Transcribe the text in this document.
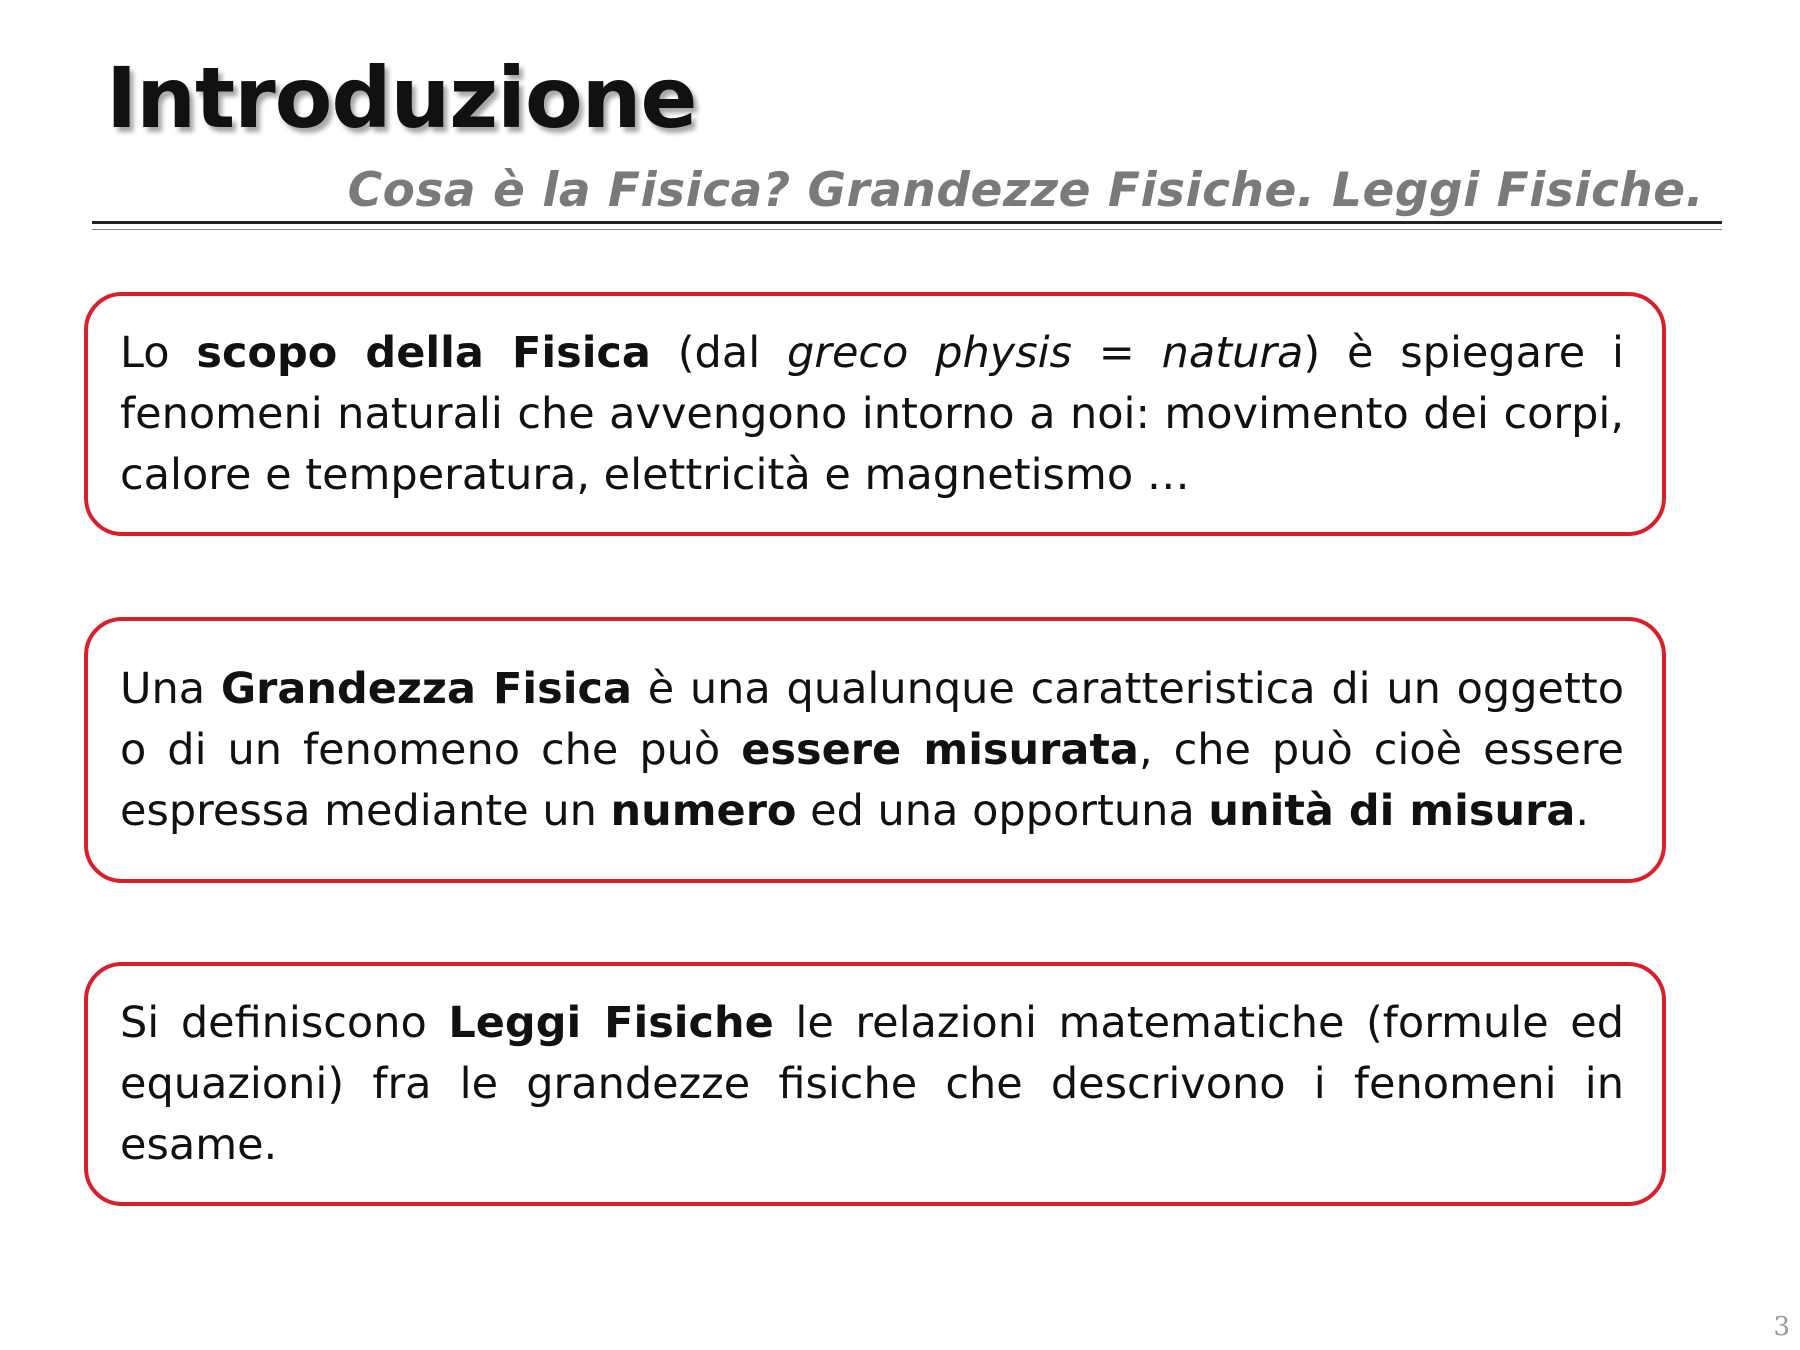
Introduzione

Cosa è la Fisica? Grandezze Fisiche. Leggi Fisiche.

Lo scopo della Fisica (dal greco physis = natura) è spiegare i fenomeni naturali che avvengono intorno a noi: movimento dei corpi, calore e temperatura, elettricità e magnetismo …

Una Grandezza Fisica è una qualunque caratteristica di un oggetto o di un fenomeno che può essere misurata, che può cioè essere espressa mediante un numero ed una opportuna unità di misura.

Si definiscono Leggi Fisiche le relazioni matematiche (formule ed equazioni) fra le grandezze fisiche che descrivono i fenomeni in esame.

3
